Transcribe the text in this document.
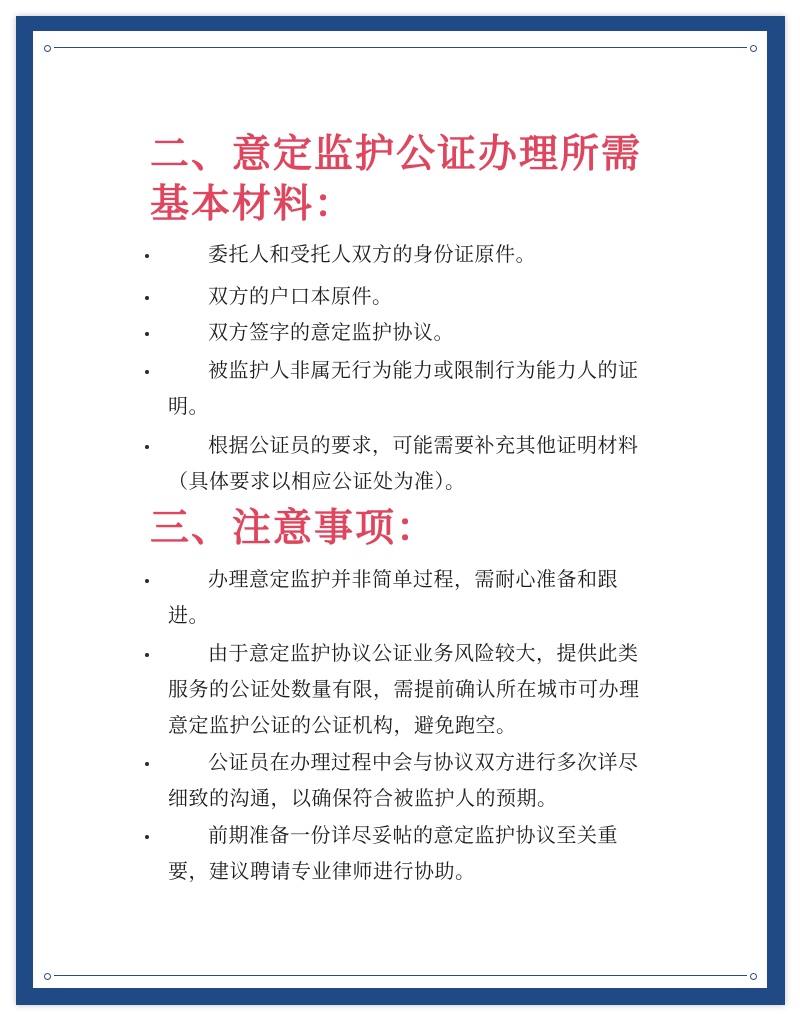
二、意定监护公证办理所需
基本材料：
委托人和受托人双方的身份证原件。
双方的户口本原件。
双方签字的意定监护协议。
被监护人非属无行为能力或限制行为能力人的证明。
根据公证员的要求，可能需要补充其他证明材料（具体要求以相应公证处为准）。
三、注意事项：
办理意定监护并非简单过程，需耐心准备和跟进。
由于意定监护协议公证业务风险较大，提供此类服务的公证处数量有限，需提前确认所在城市可办理意定监护公证的公证机构，避免跑空。
公证员在办理过程中会与协议双方进行多次详尽细致的沟通，以确保符合被监护人的预期。
前期准备一份详尽妥帖的意定监护协议至关重要，建议聘请专业律师进行协助。
